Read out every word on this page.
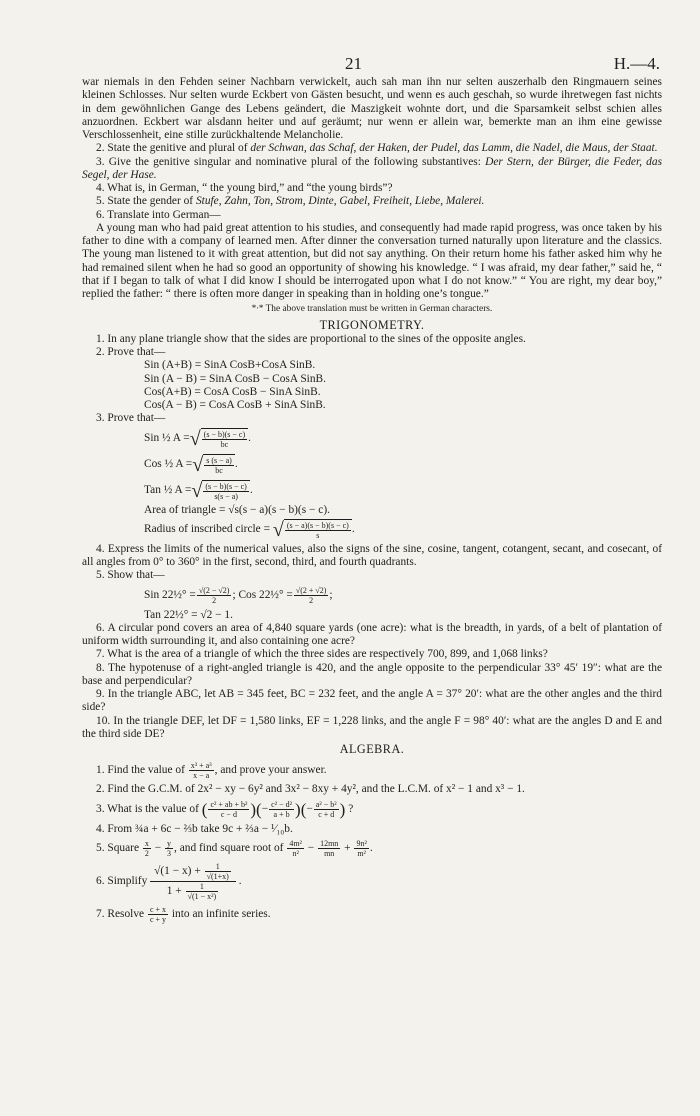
21	H.—4.

war niemals in den Fehden seiner Nachbarn verwickelt, auch sah man ihn nur selten auszerhalb den Ringmauern seines kleinen Schlosses. Nur selten wurde Eckbert von Gästen besucht, und wenn es auch geschah, so wurde ihretwegen fast nichts in dem gewöhnlichen Gange des Lebens geändert, die Maszigkeit wohnte dort, und die Sparsamkeit selbst schien alles anzuordnen. Eckbert war alsdann heiter und auf geräumt; nur wenn er allein war, bemerkte man an ihm eine gewisse Verschlossenheit, eine stille zurückhaltende Melancholie.

2. State the genitive and plural of der Schwan, das Schaf, der Haken, der Pudel, das Lamm, die Nadel, die Maus, der Staat.

3. Give the genitive singular and nominative plural of the following substantives: Der Stern, der Bürger, die Feder, das Segel, der Hase.

4. What is, in German, “ the young bird,” and “the young birds”?

5. State the gender of Stufe, Zahn, Ton, Strom, Dinte, Gabel, Freiheit, Liebe, Malerei.

6. Translate into German—

A young man who had paid great attention to his studies, and consequently had made rapid progress, was once taken by his father to dine with a company of learned men. After dinner the conversation turned naturally upon literature and the classics. The young man listened to it with great attention, but did not say anything. On their return home his father asked him why he had remained silent when he had so good an opportunity of showing his knowledge. “ I was afraid, my dear father,” said he, “ that if I began to talk of what I did know I should be interrogated upon what I do not know.” “ You are right, my dear boy,” replied the father: “ there is often more danger in speaking than in holding one’s tongue.”

*∙* The above translation must be written in German characters.

TRIGONOMETRY.

1. In any plane triangle show that the sides are proportional to the sines of the opposite angles.

2. Prove that—

Sin (A+B) = SinA CosB+CosA SinB.

Sin (A − B) = SinA CosB − CosA SinB.

Cos(A+B) = CosA CosB − SinA SinB.

Cos(A − B) = CosA CosB + SinA SinB.

3. Prove that—

Sin ½ A = √ $\frac{(s - b)(s - c)}{bc}$ .
Cos ½ A = √ $\frac{s (s - a)}{bc}$ .
Tan ½ A = √ $\frac{(s - b)(s - c)}{s(s - a)}$ .

Area of triangle = √s(s − a)(s − b)(s − c).

Radius of inscribed circle =
√ $\frac{(s - a)(s - b)(s - c)}{s}$ .

4. Express the limits of the numerical values, also the signs of the sine, cosine, tangent, cotangent, secant, and cosecant, of all angles from 0° to 360° in the first, second, third, and fourth quadrants.

5. Show that—

Sin 22½° = $\frac{√(2 - √2)}{2}$ ; Cos 22½° = $\frac{√(2 + √2)}{2}$ ;

Tan 22½° = √2 − 1.

6. A circular pond covers an area of 4,840 square yards (one acre): what is the breadth, in yards, of a belt of plantation of uniform width surrounding it, and also containing one acre?

7. What is the area of a triangle of which the three sides are respectively 700, 899, and 1,068 links?

8. The hypotenuse of a right-angled triangle is 420, and the angle opposite to the perpendicular 33° 45′ 19″: what are the base and perpendicular?

9. In the triangle ABC, let AB = 345 feet, BC = 232 feet, and the angle A = 37° 20′: what are the other angles and the third side?

10. In the triangle DEF, let DF = 1,580 links, EF = 1,228 links, and the angle F = 98° 40′: what are the angles D and E and the third side DE?

ALGEBRA.

1. Find the value of
$\frac{\text{x³ + a³}}{x - a}$ , and prove your answer.

2. Find the G.C.M. of 2x² − xy − 6y² and 3x² − 8xy + 4y², and the L.C.M. of x² − 1 and x³ − 1.

3. What is the value of
( $\frac{\text{c² + ab + b²}}{c - d}$ ) ( − $\frac{\text{c² − d²}}{a + b}$ ) ( − $\frac{\text{a² − b²}}{c + d}$ )
?

4. From ¾a + 6c − ⅔b take 9c + ⅔a − ¹⁄₁₀b.

5. Square
$\frac{x}{2} - \frac{y}{3}$ , and find square root of
$\frac{\text{4m²}}{\text{n²}} - \frac{12mn}{mn} + \frac{\text{9n²}}{\text{m²}}$ .
6. Simplify

$√(1 - x) + \frac{1}{√(1+x)}$
$1 + \frac{1}{\text{√(1 − x²)}}$
.
7. Resolve
$\frac{c + x}{c + y}$
into an infinite series.
